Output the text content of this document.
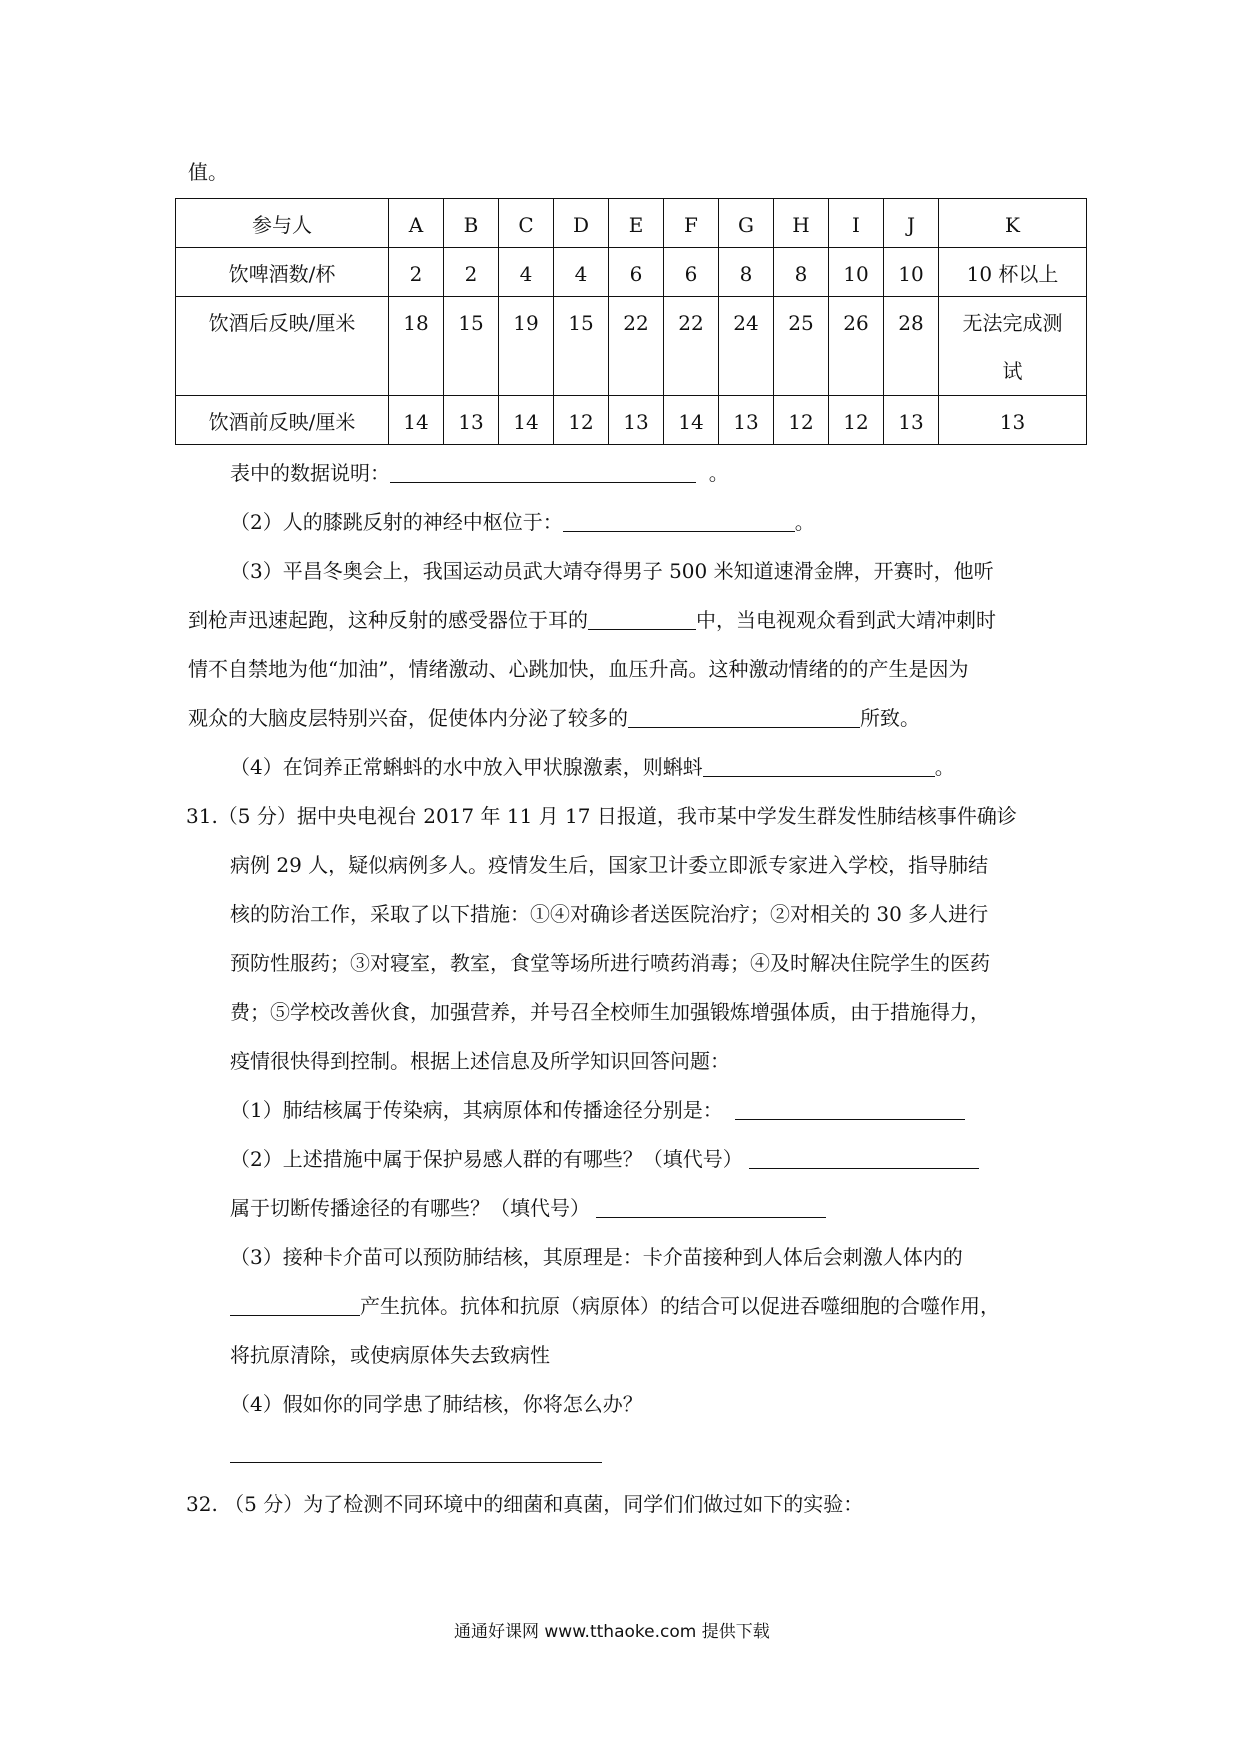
值。

参与人	A	B	C	D	E	F	G	H	I	J	K

饮啤酒数/杯	2	2	4	4	6	6	8	8	10	10	10 杯以上

饮酒后反映/厘米	18	15	19	15	22	22	24	25	26	28	无法完成测
试

饮酒前反映/厘米	14	13	14	12	13	14	13	12	12	13	13

表中的数据说明：	。

（2）人的膝跳反射的神经中枢位于：	。

（3）平昌冬奥会上，我国运动员武大靖夺得男子 500 米知道速滑金牌，开赛时，他听

到枪声迅速起跑，这种反射的感受器位于耳的	中，当电视观众看到武大靖冲刺时

情不自禁地为他“加油”，情绪激动、心跳加快，血压升高。这种激动情绪的的产生是因为

观众的大脑皮层特别兴奋，促使体内分泌了较多的	所致。

（4）在饲养正常蝌蚪的水中放入甲状腺激素，则蝌蚪	。

31.（5 分）据中央电视台 2017 年 11 月 17 日报道，我市某中学发生群发性肺结核事件确诊

病例 29 人，疑似病例多人。疫情发生后，国家卫计委立即派专家进入学校，指导肺结

核的防治工作，采取了以下措施：①④对确诊者送医院治疗；②对相关的 30 多人进行

预防性服药；③对寝室，教室，食堂等场所进行喷药消毒；④及时解决住院学生的医药

费；⑤学校改善伙食，加强营养，并号召全校师生加强锻炼增强体质，由于措施得力，

疫情很快得到控制。根据上述信息及所学知识回答问题：

（1）肺结核属于传染病，其病原体和传播途径分别是：

（2）上述措施中属于保护易感人群的有哪些？（填代号）

属于切断传播途径的有哪些？（填代号）

（3）接种卡介苗可以预防肺结核，其原理是：卡介苗接种到人体后会刺激人体内的

产生抗体。抗体和抗原（病原体）的结合可以促进吞噬细胞的合噬作用，

将抗原清除，或使病原体失去致病性

（4）假如你的同学患了肺结核，你将怎么办？

32. （5 分）为了检测不同环境中的细菌和真菌，同学们们做过如下的实验：

通通好课网 www.tthaoke.com 提供下载
